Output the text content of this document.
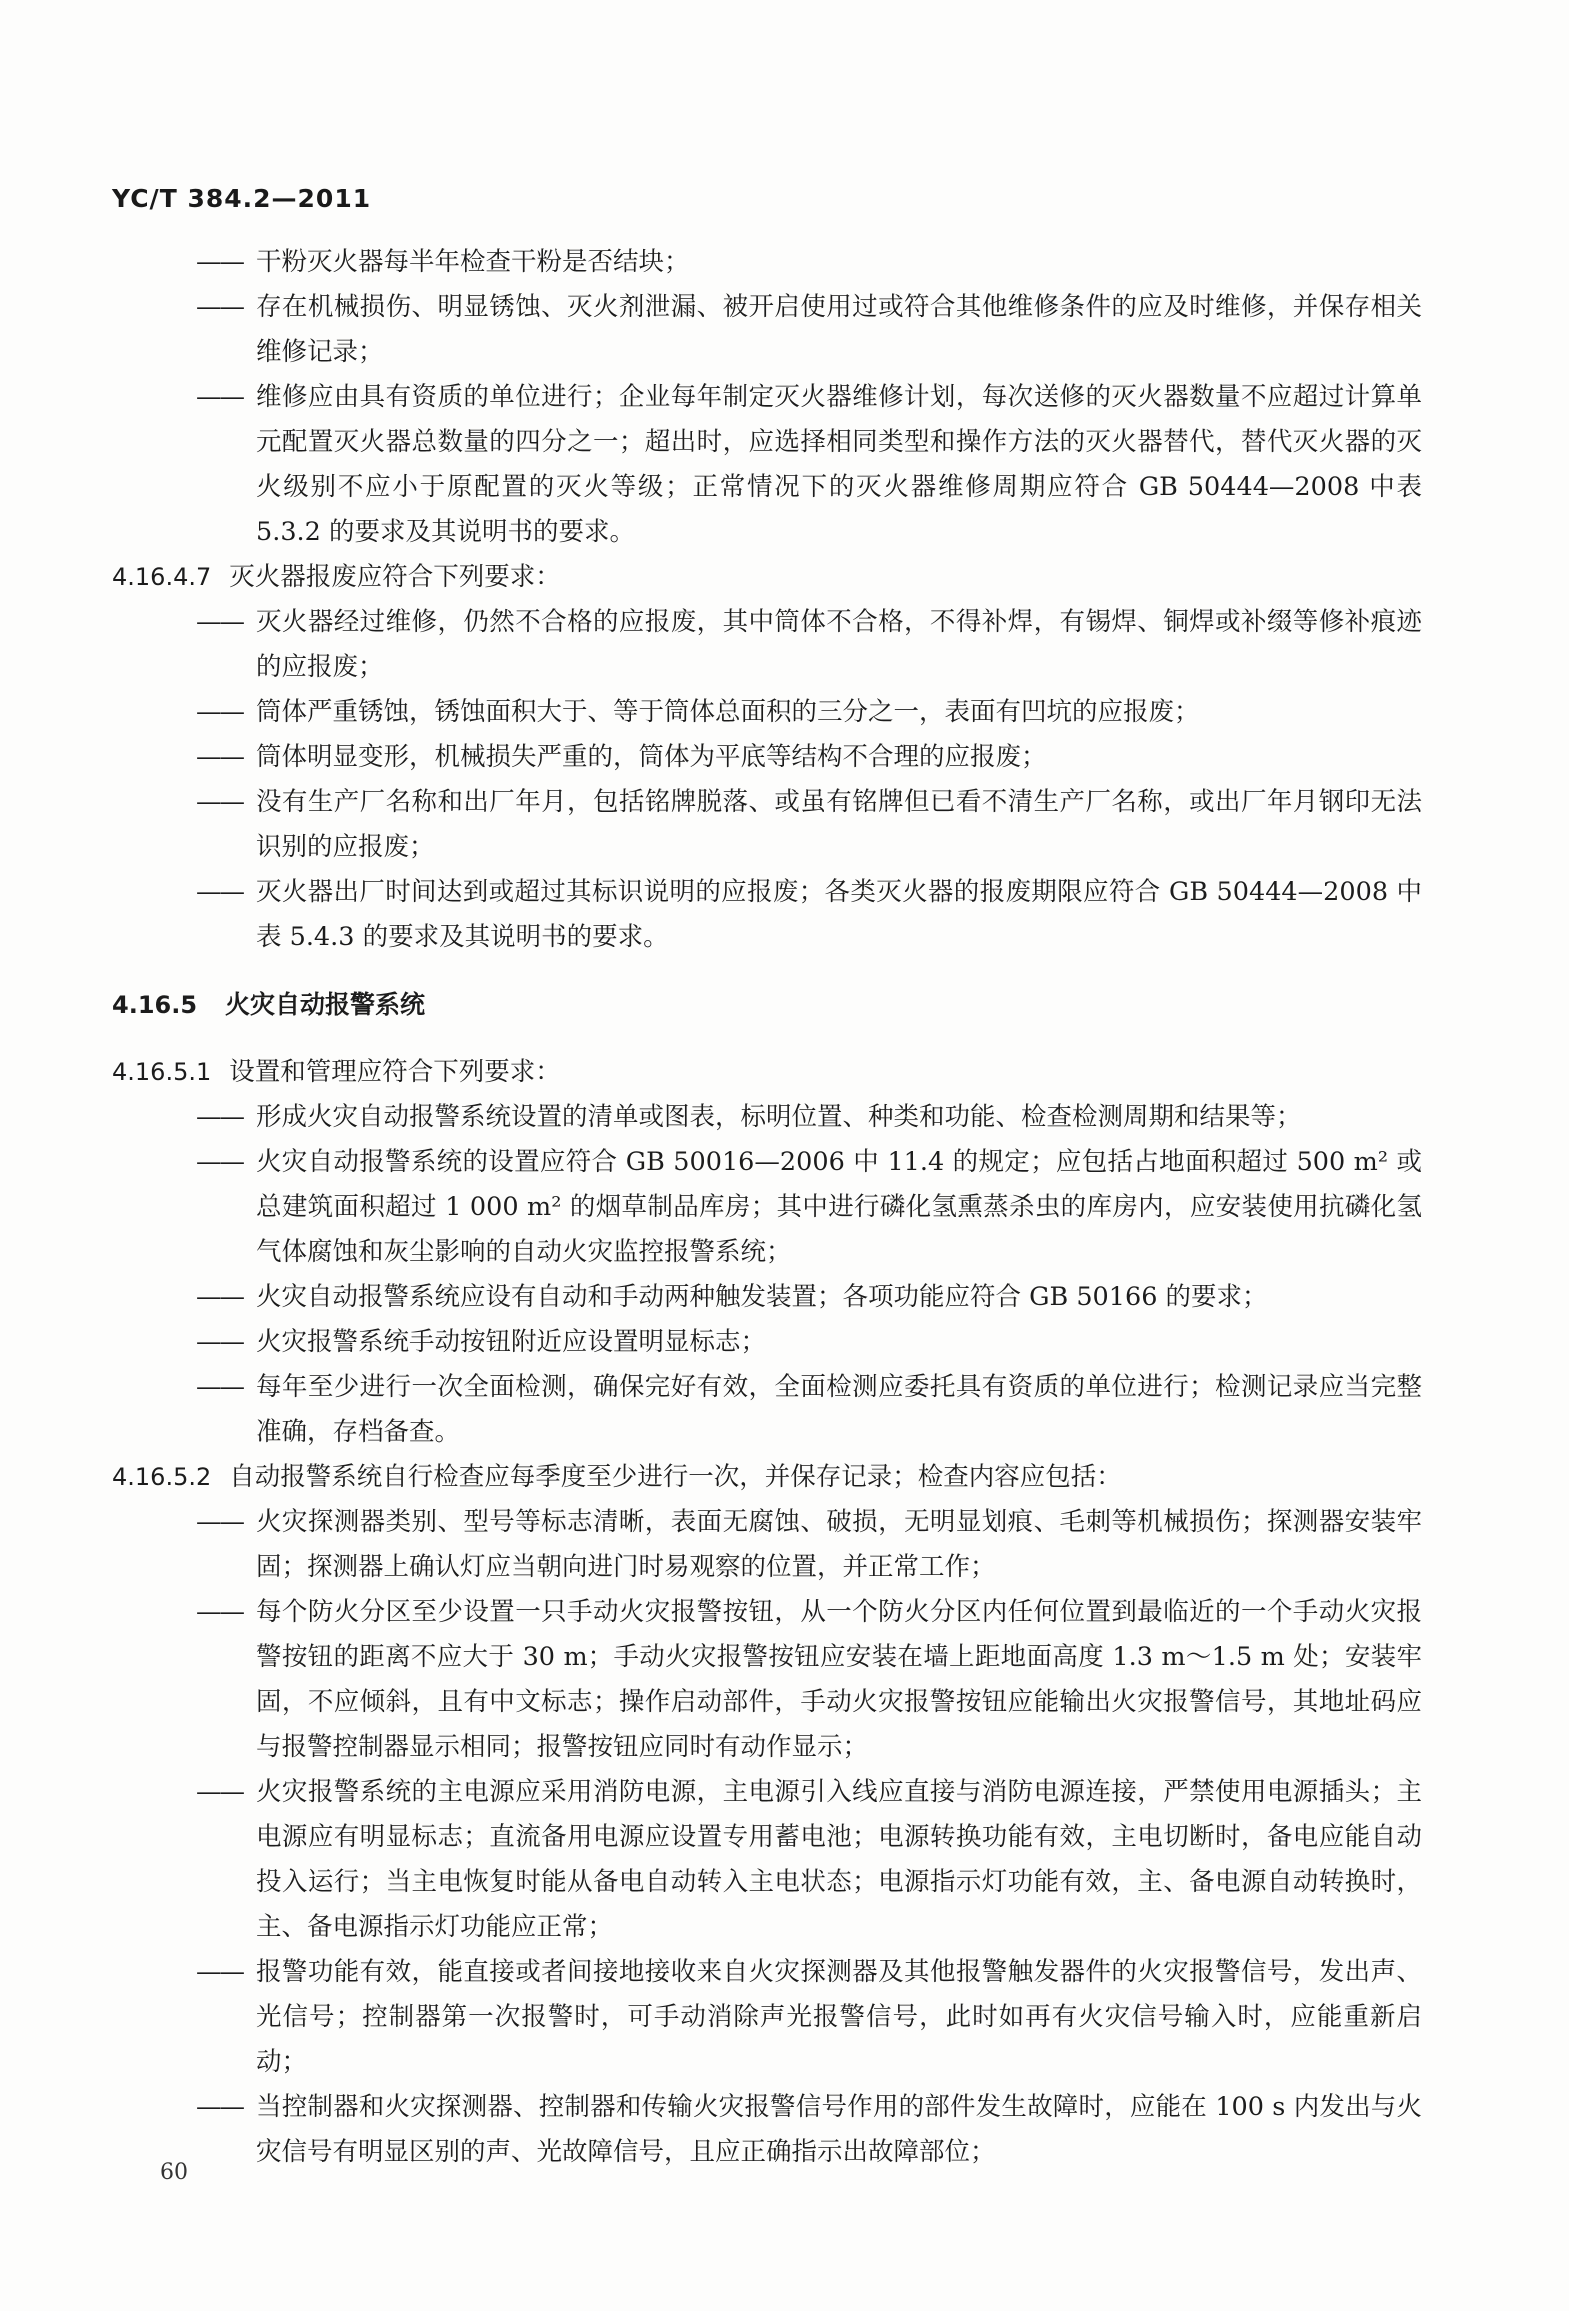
YC/T 384.2—2011
—— 干粉灭火器每半年检查干粉是否结块；
—— 存在机械损伤、明显锈蚀、灭火剂泄漏、被开启使用过或符合其他维修条件的应及时维修，并保存相关维修记录；
—— 维修应由具有资质的单位进行；企业每年制定灭火器维修计划，每次送修的灭火器数量不应超过计算单元配置灭火器总数量的四分之一；超出时，应选择相同类型和操作方法的灭火器替代，替代灭火器的灭火级别不应小于原配置的灭火等级；正常情况下的灭火器维修周期应符合 GB 50444—2008 中表 5.3.2 的要求及其说明书的要求。
4.16.4.7 灭火器报废应符合下列要求：
—— 灭火器经过维修，仍然不合格的应报废，其中筒体不合格，不得补焊，有锡焊、铜焊或补缀等修补痕迹的应报废；
—— 筒体严重锈蚀，锈蚀面积大于、等于筒体总面积的三分之一，表面有凹坑的应报废；
—— 筒体明显变形，机械损失严重的，筒体为平底等结构不合理的应报废；
—— 没有生产厂名称和出厂年月，包括铭牌脱落、或虽有铭牌但已看不清生产厂名称，或出厂年月钢印无法识别的应报废；
—— 灭火器出厂时间达到或超过其标识说明的应报废；各类灭火器的报废期限应符合 GB 50444—2008 中表 5.4.3 的要求及其说明书的要求。
4.16.5 火灾自动报警系统
4.16.5.1 设置和管理应符合下列要求：
—— 形成火灾自动报警系统设置的清单或图表，标明位置、种类和功能、检查检测周期和结果等；
—— 火灾自动报警系统的设置应符合 GB 50016—2006 中 11.4 的规定；应包括占地面积超过 500 m² 或总建筑面积超过 1 000 m² 的烟草制品库房；其中进行磷化氢熏蒸杀虫的库房内，应安装使用抗磷化氢气体腐蚀和灰尘影响的自动火灾监控报警系统；
—— 火灾自动报警系统应设有自动和手动两种触发装置；各项功能应符合 GB 50166 的要求；
—— 火灾报警系统手动按钮附近应设置明显标志；
—— 每年至少进行一次全面检测，确保完好有效，全面检测应委托具有资质的单位进行；检测记录应当完整准确，存档备查。
4.16.5.2 自动报警系统自行检查应每季度至少进行一次，并保存记录；检查内容应包括：
—— 火灾探测器类别、型号等标志清晰，表面无腐蚀、破损，无明显划痕、毛刺等机械损伤；探测器安装牢固；探测器上确认灯应当朝向进门时易观察的位置，并正常工作；
—— 每个防火分区至少设置一只手动火灾报警按钮，从一个防火分区内任何位置到最临近的一个手动火灾报警按钮的距离不应大于 30 m；手动火灾报警按钮应安装在墙上距地面高度 1.3 m～1.5 m 处；安装牢固，不应倾斜，且有中文标志；操作启动部件，手动火灾报警按钮应能输出火灾报警信号，其地址码应与报警控制器显示相同；报警按钮应同时有动作显示；
—— 火灾报警系统的主电源应采用消防电源，主电源引入线应直接与消防电源连接，严禁使用电源插头；主电源应有明显标志；直流备用电源应设置专用蓄电池；电源转换功能有效，主电切断时，备电应能自动投入运行；当主电恢复时能从备电自动转入主电状态；电源指示灯功能有效，主、备电源自动转换时，主、备电源指示灯功能应正常；
—— 报警功能有效，能直接或者间接地接收来自火灾探测器及其他报警触发器件的火灾报警信号，发出声、光信号；控制器第一次报警时，可手动消除声光报警信号，此时如再有火灾信号输入时，应能重新启动；
—— 当控制器和火灾探测器、控制器和传输火灾报警信号作用的部件发生故障时，应能在 100 s 内发出与火灾信号有明显区别的声、光故障信号，且应正确指示出故障部位；
60
